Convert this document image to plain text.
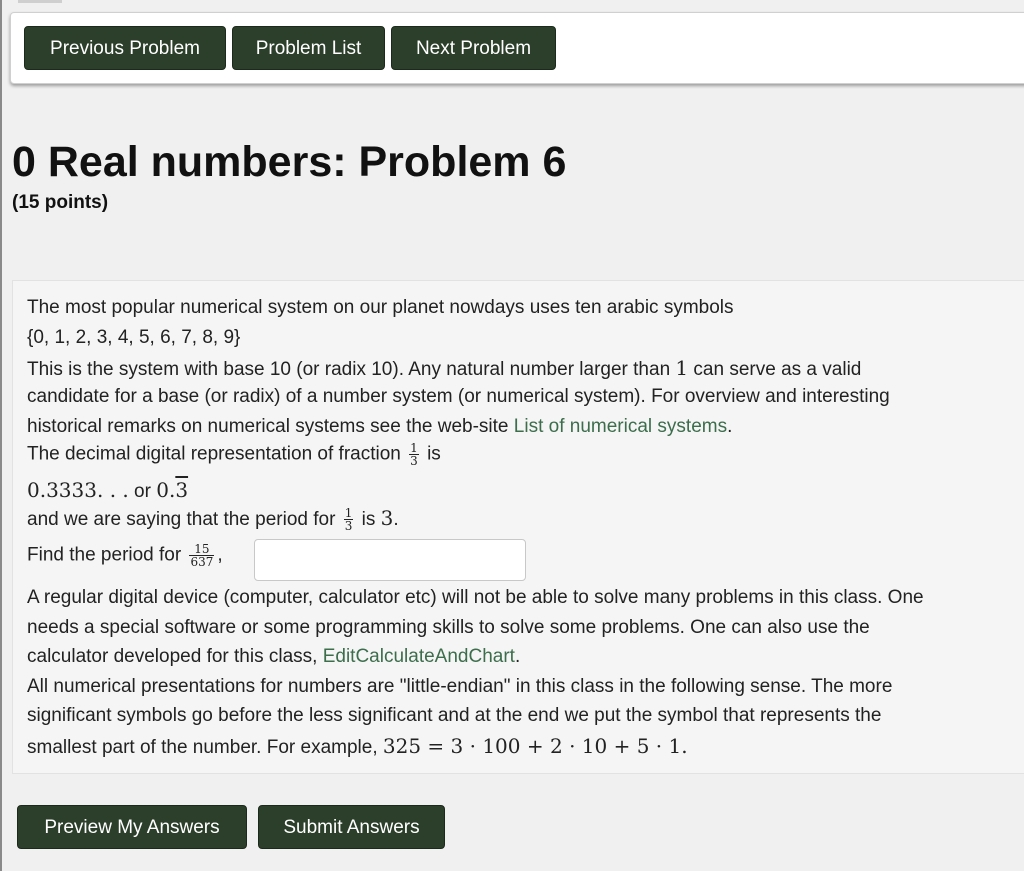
Previous Problem	Problem List	Next Problem
0 Real numbers: Problem 6
(15 points)
The most popular numerical system on our planet nowdays uses ten arabic symbols
{0, 1, 2, 3, 4, 5, 6, 7, 8, 9}
This is the system with base 10 (or radix 10). Any natural number larger than 1 can serve as a valid
candidate for a base (or radix) of a number system (or numerical system). For overview and interesting
historical remarks on numerical systems see the web-site List of numerical systems.
The decimal digital representation of fraction $\frac{1}{3}$ is
0.3333. . . or 0.3
and we are saying that the period for $\frac{1}{3}$ is 3.
Find the period for $\frac{15}{637}$ ,
A regular digital device (computer, calculator etc) will not be able to solve many problems in this class. One
needs a special software or some programming skills to solve some problems. One can also use the
calculator developed for this class, EditCalculateAndChart.
All numerical presentations for numbers are "little-endian" in this class in the following sense. The more
significant symbols go before the less significant and at the end we put the symbol that represents the
smallest part of the number. For example, 325 = 3 · 100 + 2 · 10 + 5 · 1.
Preview My Answers	Submit Answers
